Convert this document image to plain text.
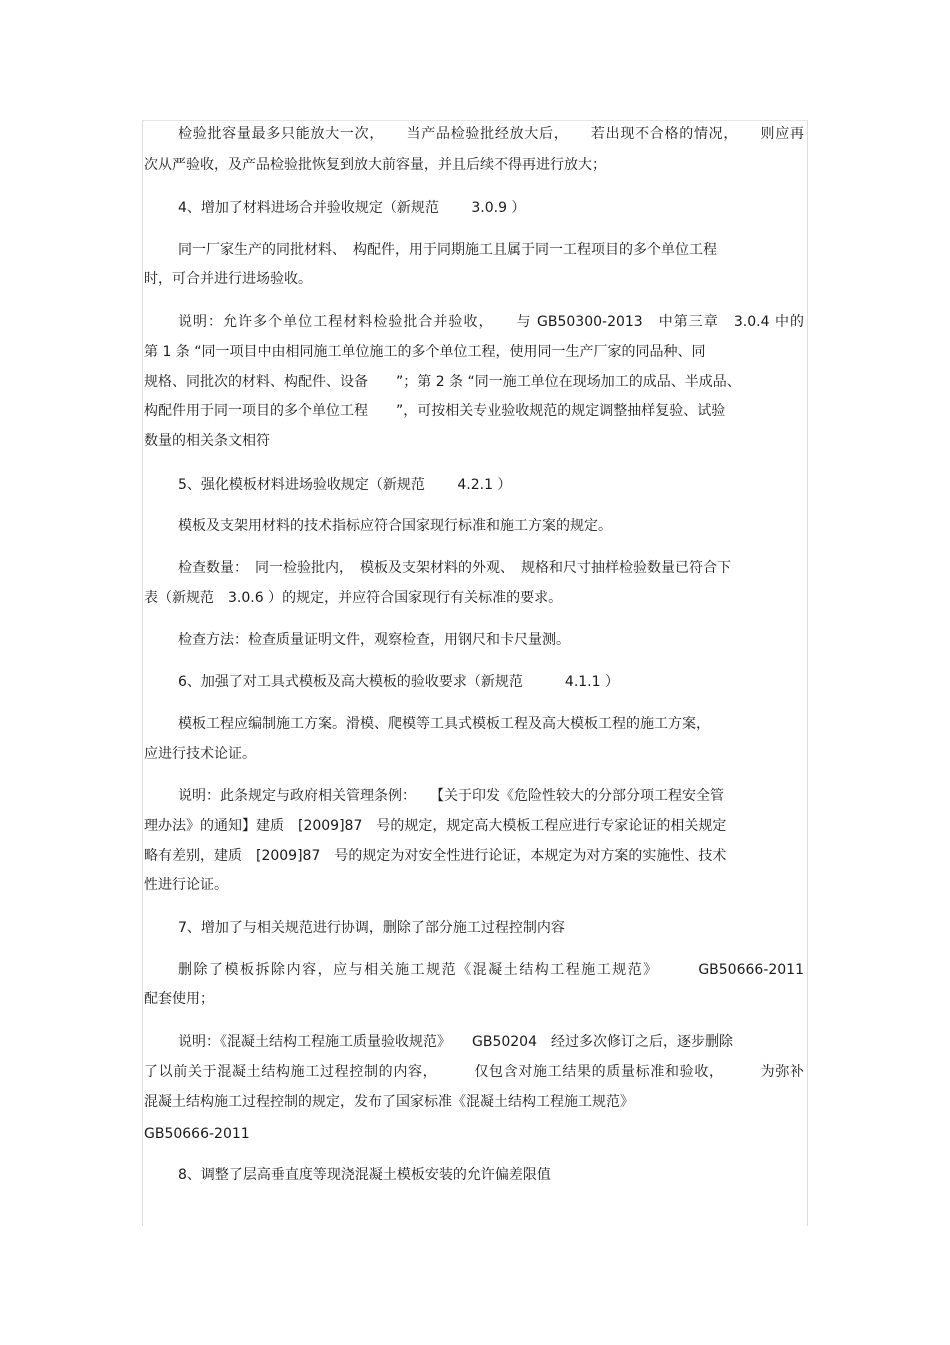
检验批容量最多只能放大一次，　　当产品检验批经放大后，　　若出现不合格的情况，　　则应再
次从严验收，及产品检验批恢复到放大前容量，并且后续不得再进行放大；
4、增加了材料进场合并验收规定（新规范　　 3.0.9 ）
同一厂家生产的同批材料、　构配件，用于同期施工且属于同一工程项目的多个单位工程
时，可合并进行进场验收。
说明：允许多个单位工程材料检验批合并验收，　　与 GB50300-2013　中第三章　3.0.4 中的
第 1 条 “同一项目中由相同施工单位施工的多个单位工程，使用同一生产厂家的同品种、同
规格、同批次的材料、构配件、设备　　”；第 2 条 “同一施工单位在现场加工的成品、半成品、
构配件用于同一项目的多个单位工程　　”，可按相关专业验收规范的规定调整抽样复验、试验
数量的相关条文相符
5、强化模板材料进场验收规定（新规范　　 4.2.1 ）
模板及支架用材料的技术指标应符合国家现行标准和施工方案的规定。
检查数量：　同一检验批内，　模板及支架材料的外观、　规格和尺寸抽样检验数量已符合下
表（新规范　3.0.6 ）的规定，并应符合国家现行有关标准的要求。
检查方法：检查质量证明文件，观察检查，用钢尺和卡尺量测。
6、加强了对工具式模板及高大模板的验收要求（新规范　　　4.1.1 ）
模板工程应编制施工方案。滑模、爬模等工具式模板工程及高大模板工程的施工方案，
应进行技术论证。
说明：此条规定与政府相关管理条例：　　【关于印发《危险性较大的分部分项工程安全管
理办法》的通知】建质　[2009]87　号的规定，规定高大模板工程应进行专家论证的相关规定
略有差别，建质　[2009]87　号的规定为对安全性进行论证，本规定为对方案的实施性、技术
性进行论证。
7、增加了与相关规范进行协调，删除了部分施工过程控制内容
删除了模板拆除内容，应与相关施工规范《混凝土结构工程施工规范》　　　GB50666-2011
配套使用；
说明：《混凝土结构工程施工质量验收规范》　　GB50204　经过多次修订之后，逐步删除
了以前关于混凝土结构施工过程控制的内容，　　　仅包含对施工结果的质量标准和验收，　　　为弥补
混凝土结构施工过程控制的规定，发布了国家标准《混凝土结构工程施工规范》
GB50666-2011
8、调整了层高垂直度等现浇混凝土模板安装的允许偏差限值
